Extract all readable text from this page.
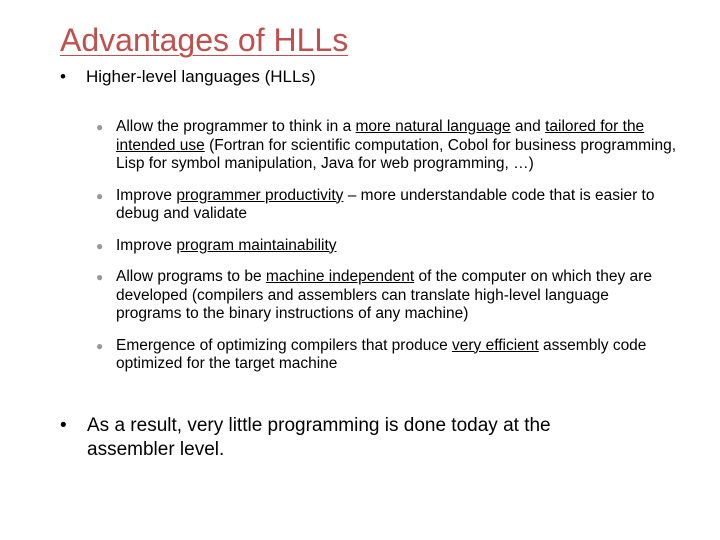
Advantages of HLLs
• Higher-level languages (HLLs)
● Allow the programmer to think in a more natural language and tailored for the intended use (Fortran for scientific computation, Cobol for business programming, Lisp for symbol manipulation, Java for web programming, …)
● Improve programmer productivity – more understandable code that is easier to debug and validate
● Improve program maintainability
● Allow programs to be machine independent of the computer on which they are developed (compilers and assemblers can translate high-level language programs to the binary instructions of any machine)
● Emergence of optimizing compilers that produce very efficient assembly code optimized for the target machine
•	As a result, very little programming is done today at the assembler level.
